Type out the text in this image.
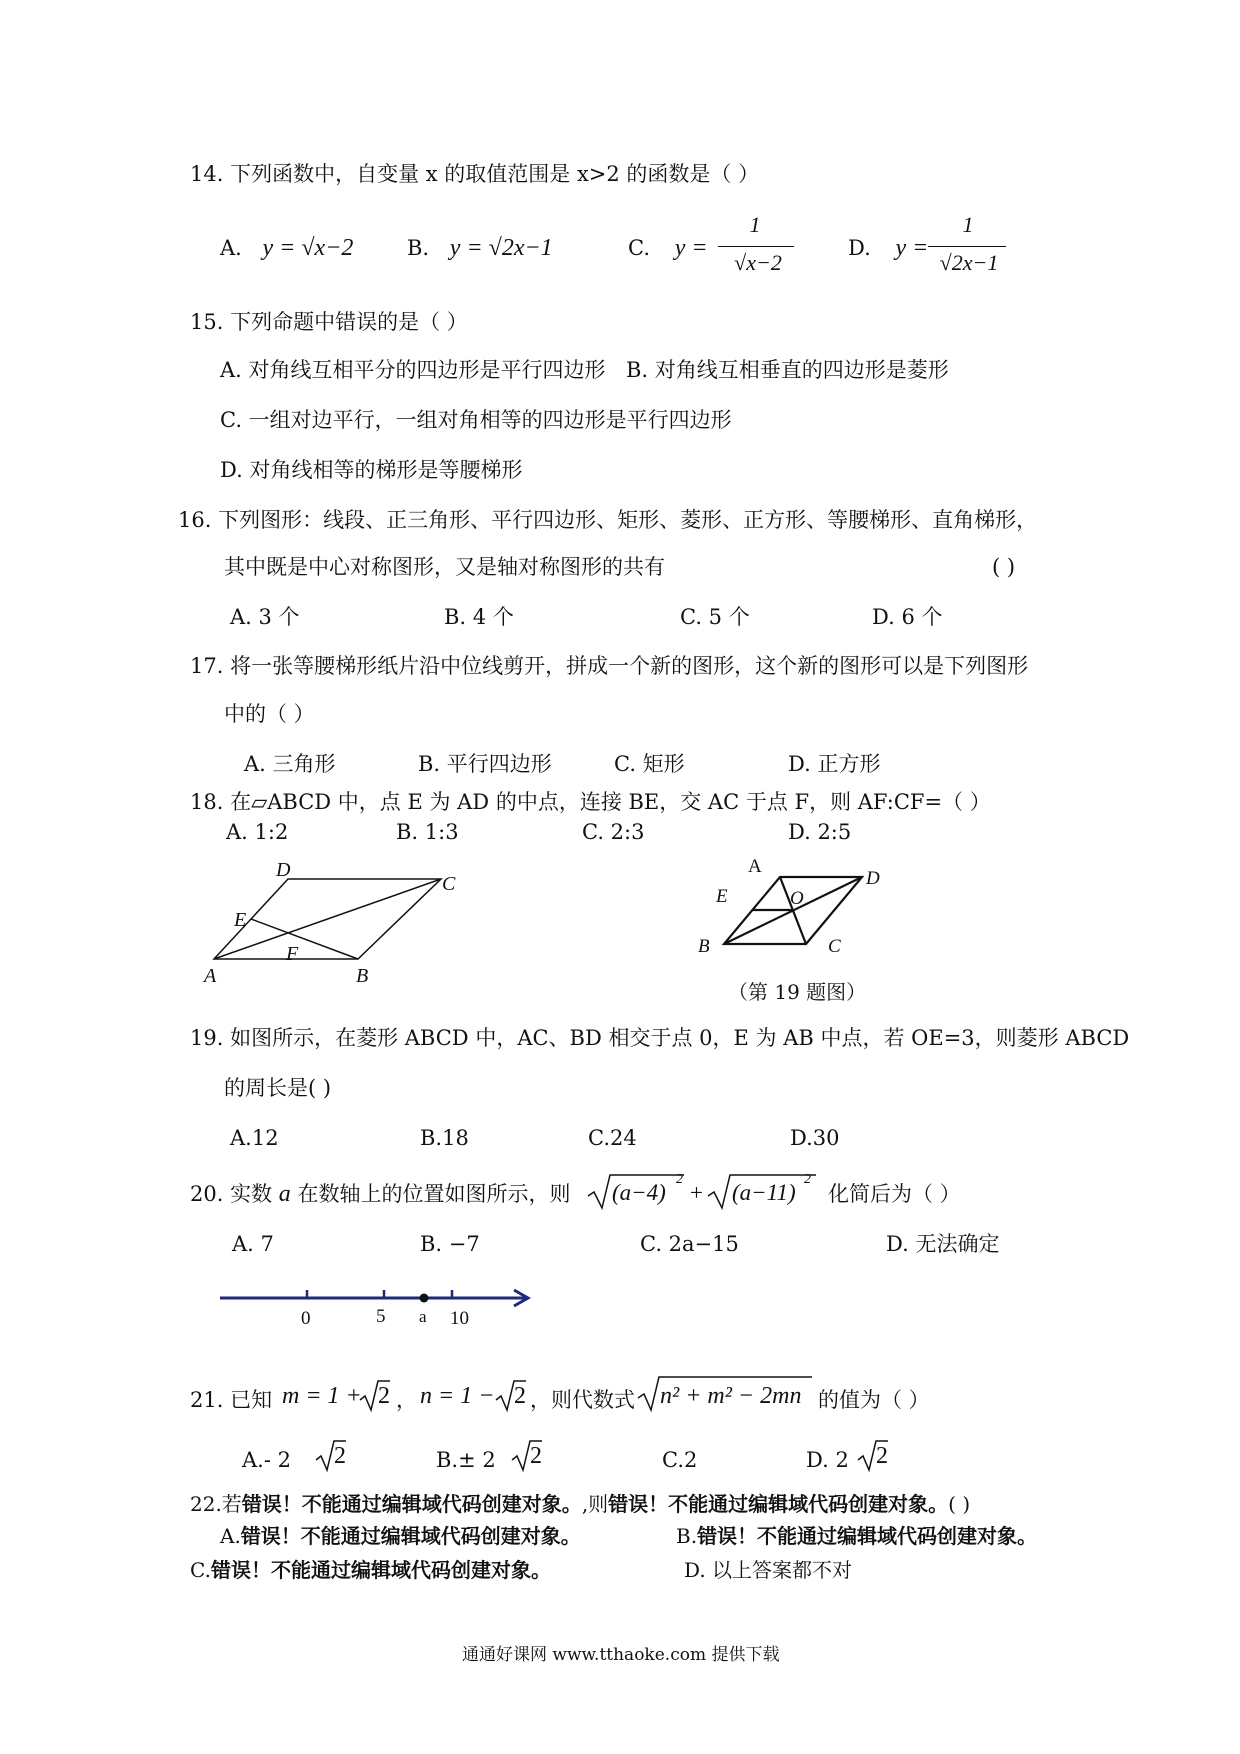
14. 下列函数中，自变量 x 的取值范围是 x>2 的函数是（ ）
A. y = √x−2	B. y = √2x−1	C. y =
1
√x−2
D. y =
1
√2x−1
15. 下列命题中错误的是（ ）
A. 对角线互相平分的四边形是平行四边形 B. 对角线互相垂直的四边形是菱形
C. 一组对边平行，一组对角相等的四边形是平行四边形
D. 对角线相等的梯形是等腰梯形
16. 下列图形：线段、正三角形、平行四边形、矩形、菱形、正方形、等腰梯形、直角梯形，
其中既是中心对称图形，又是轴对称图形的共有	( )
A. 3 个	B. 4 个	C. 5 个	D. 6 个
17. 将一张等腰梯形纸片沿中位线剪开，拼成一个新的图形，这个新的图形可以是下列图形
中的（ ）
A. 三角形	B. 平行四边形	C. 矩形	D. 正方形
18. 在▱ABCD 中，点 E 为 AD 的中点，连接 BE，交 AC 于点 F，则 AF:CF=（ ）
A. 1:2	B. 1:3	C. 2:3	D. 2:5
A	B
C
D
E
F
A
D
E	O
B	C
（第 19 题图）
19. 如图所示，在菱形 ABCD 中，AC、BD 相交于点 0，E 为 AB 中点，若 OE=3，则菱形 ABCD
的周长是( )
A.12	B.18	C.24	D.30
20. 实数 a 在数轴上的位置如图所示，则 (a−4)
2
+ (a−11)
2
化简后为（ ）
A. 7	B. −7	C. 2a−15	D. 无法确定
0	5 a 10
21. 已知 m = 1 + 2 ， n = 1 − 2 ，则代数式 n² + m² − 2mn 的值为（ ）
A.- 2 2	B.± 2 2	C.2	D. 2 2
22.若错误！不能通过编辑域代码创建对象。,则错误！不能通过编辑域代码创建对象。( )
A.错误！不能通过编辑域代码创建对象。	B.错误！不能通过编辑域代码创建对象。
C.错误！不能通过编辑域代码创建对象。	D. 以上答案都不对
通通好课网 www.tthaoke.com 提供下载
